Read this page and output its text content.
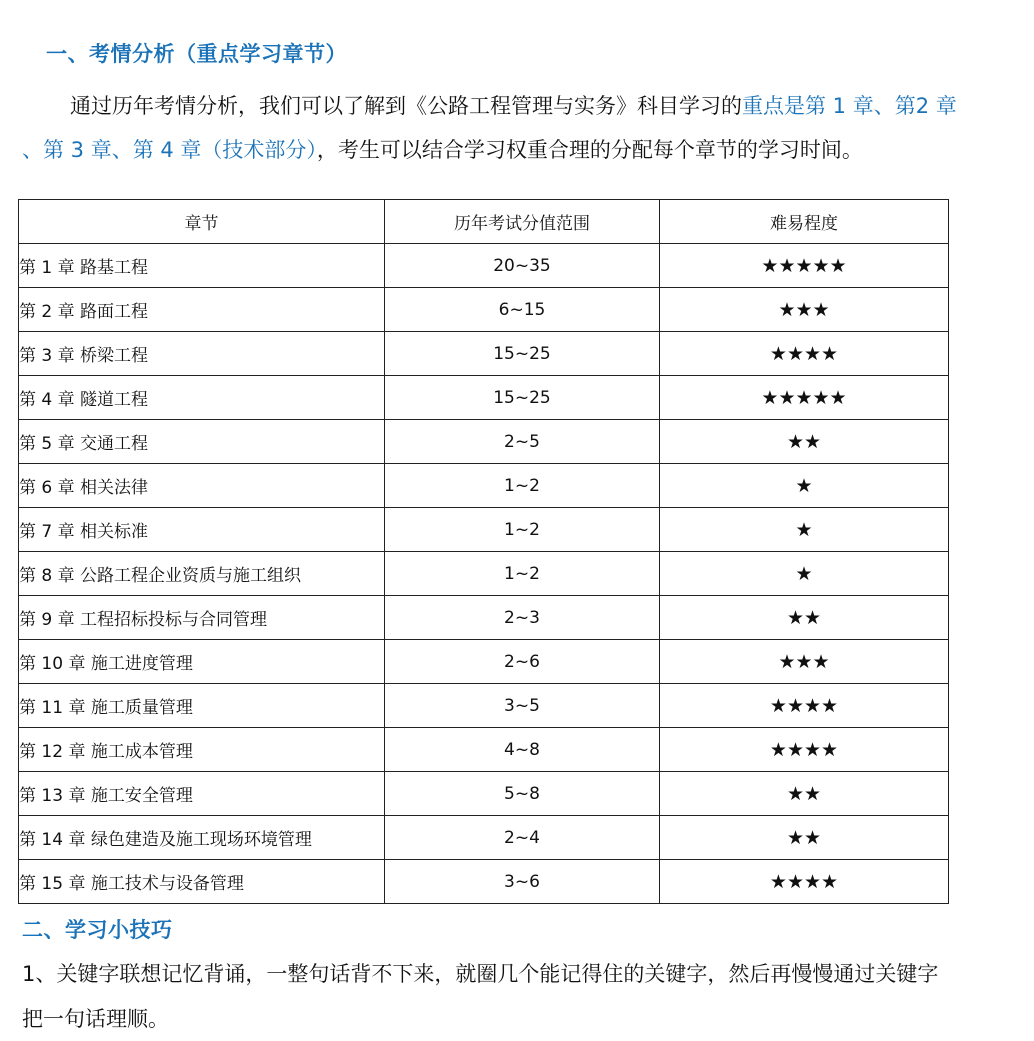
一、考情分析（重点学习章节）
通过历年考情分析，我们可以了解到《公路工程管理与实务》科目学习的重点是第 1 章、第2 章
、第 3 章、第 4 章（技术部分），考生可以结合学习权重合理的分配每个章节的学习时间。
章节	历年考试分值范围	难易程度
第 1 章 路基工程	20~35	★★★★★
第 2 章 路面工程	6~15	★★★
第 3 章 桥梁工程	15~25	★★★★
第 4 章 隧道工程	15~25	★★★★★
第 5 章 交通工程	2~5	★★
第 6 章 相关法律	1~2	★
第 7 章 相关标准	1~2	★
第 8 章 公路工程企业资质与施工组织	1~2	★
第 9 章 工程招标投标与合同管理	2~3	★★
第 10 章 施工进度管理	2~6	★★★
第 11 章 施工质量管理	3~5	★★★★
第 12 章 施工成本管理	4~8	★★★★
第 13 章 施工安全管理	5~8	★★
第 14 章 绿色建造及施工现场环境管理	2~4	★★
第 15 章 施工技术与设备管理	3~6	★★★★
二、学习小技巧
1、关键字联想记忆背诵，一整句话背不下来，就圈几个能记得住的关键字，然后再慢慢通过关键字
把一句话理顺。
